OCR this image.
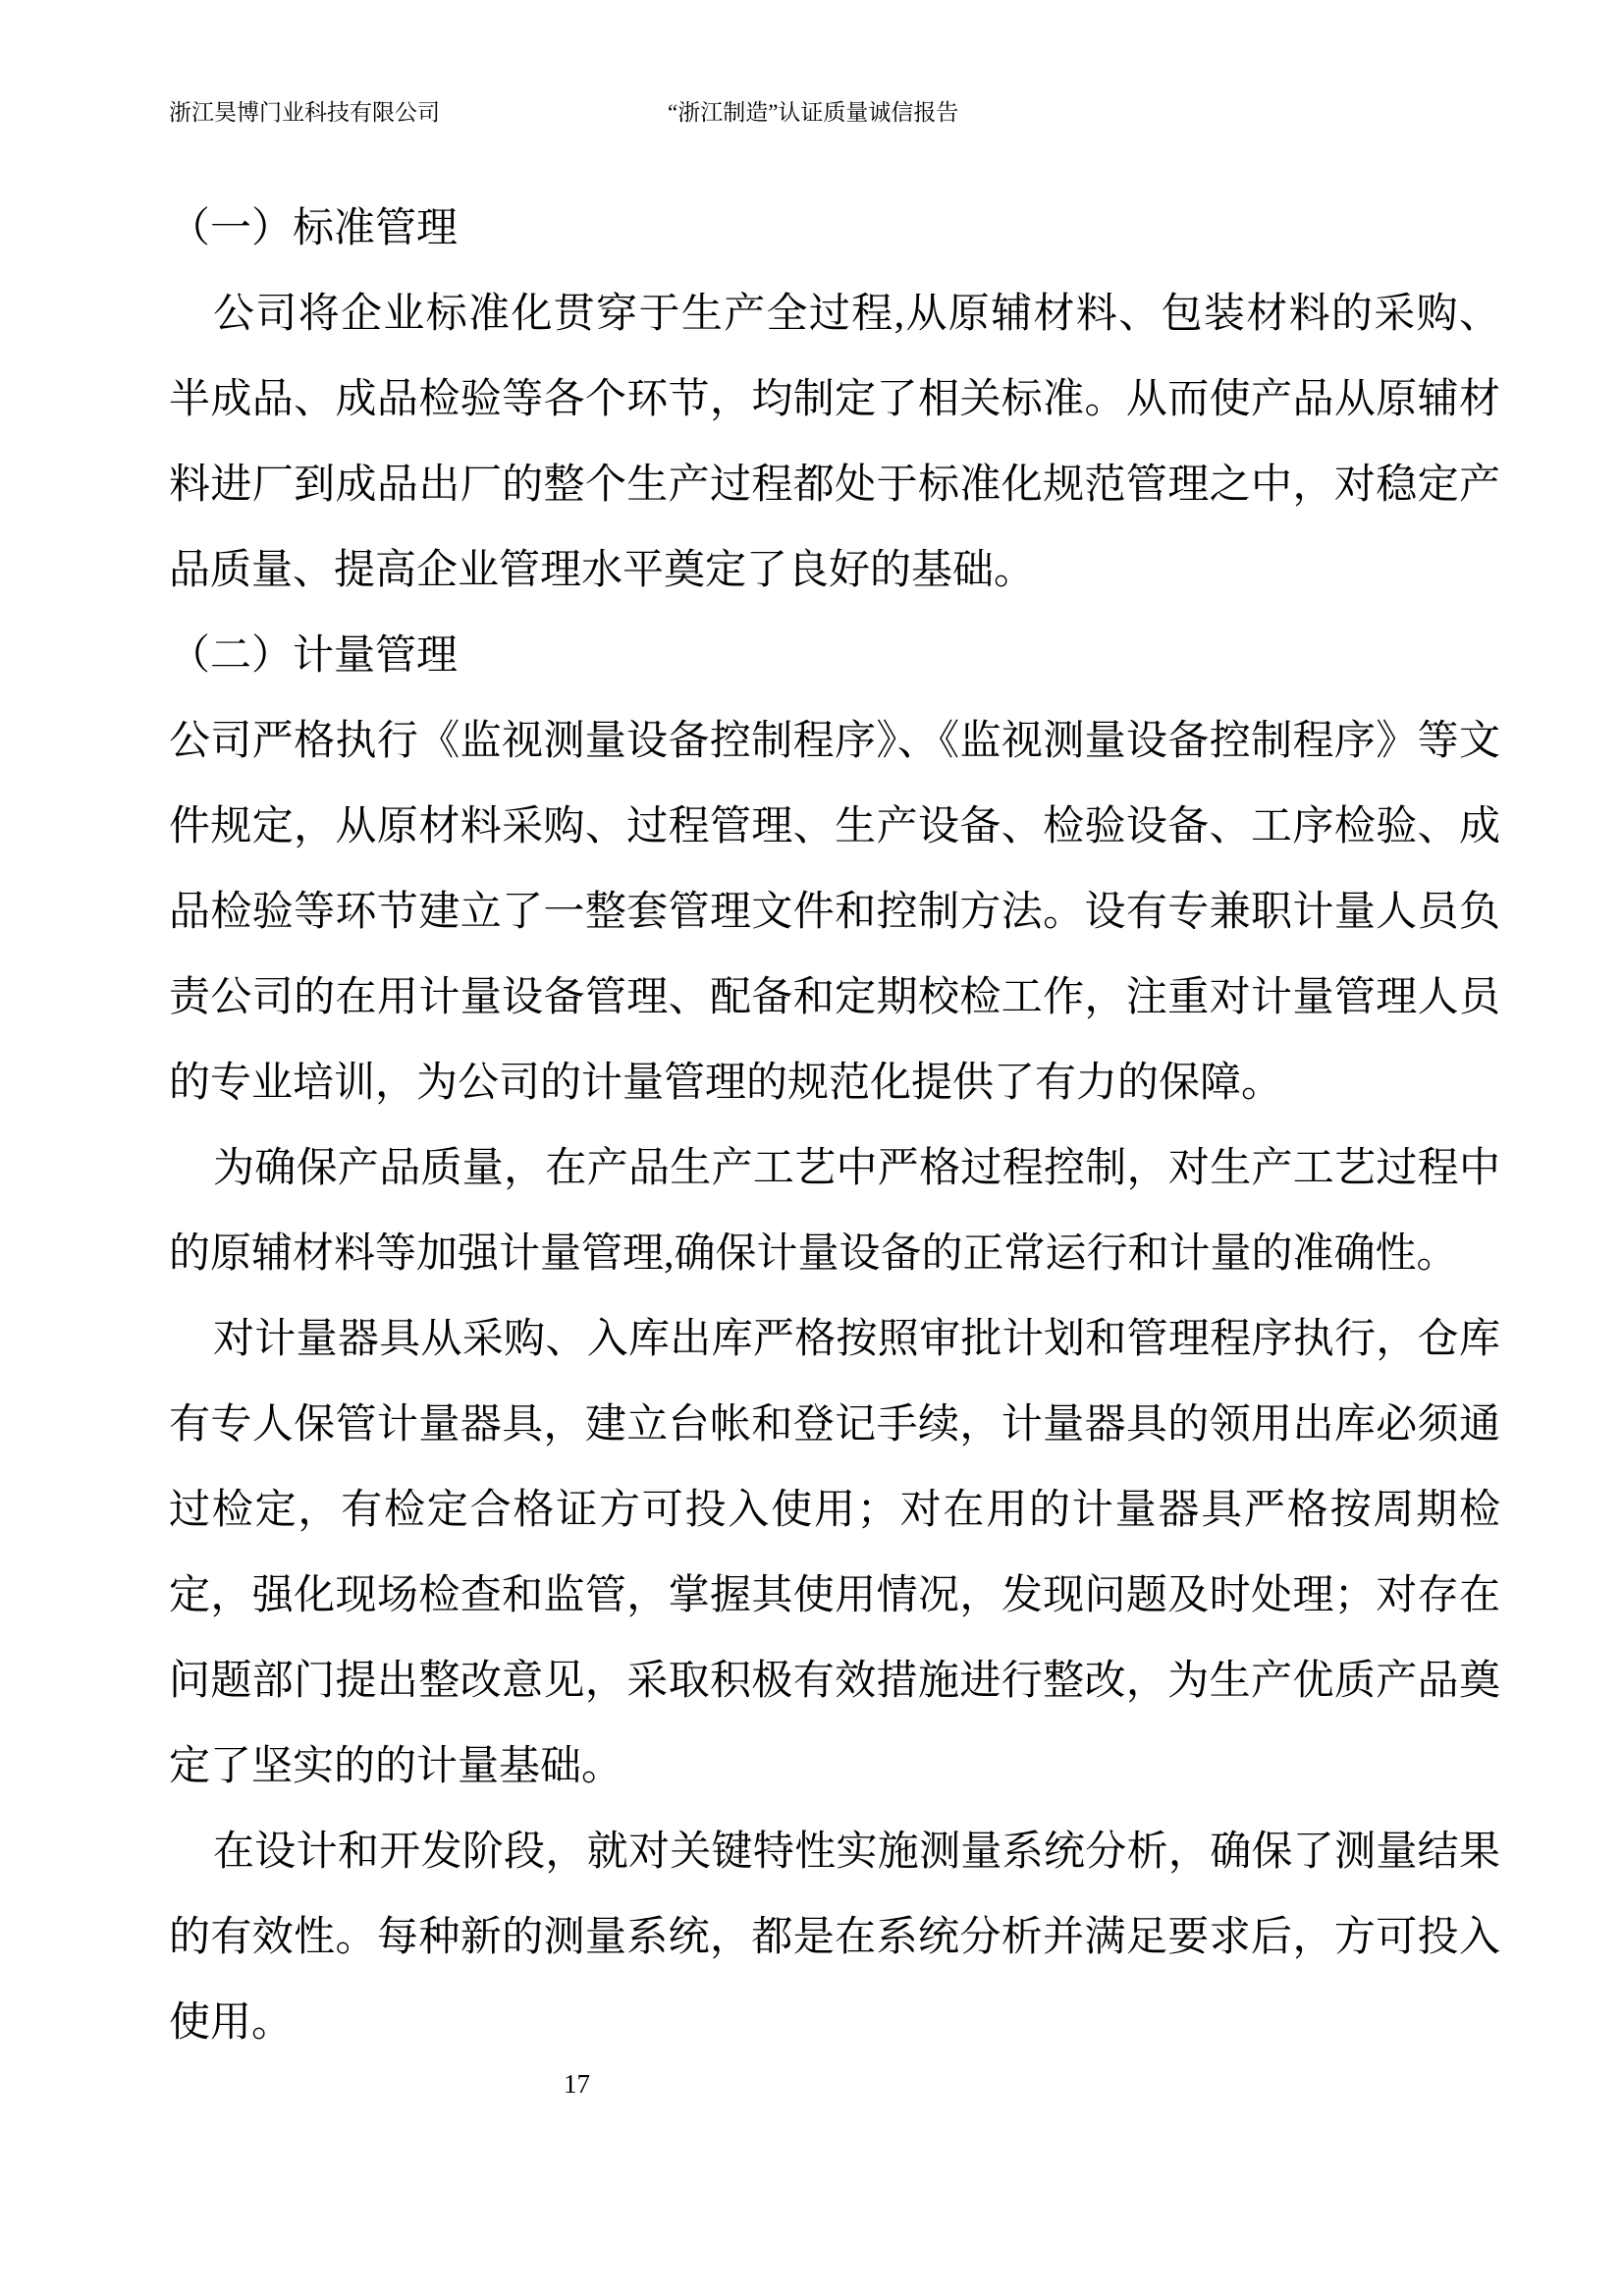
浙江昊博门业科技有限公司	“浙江制造”认证质量诚信报告
（一）标准管理

公司将企业标准化贯穿于生产全过程,从原辅材料、包装材料的采购、半成品、成品检验等各个环节，均制定了相关标准。从而使产品从原辅材料进厂到成品出厂的整个生产过程都处于标准化规范管理之中，对稳定产品质量、提高企业管理水平奠定了良好的基础。

（二）计量管理

公司严格执行《监视测量设备控制程序》、《监视测量设备控制程序》等文件规定，从原材料采购、过程管理、生产设备、检验设备、工序检验、成品检验等环节建立了一整套管理文件和控制方法。设有专兼职计量人员负责公司的在用计量设备管理、配备和定期校检工作，注重对计量管理人员的专业培训，为公司的计量管理的规范化提供了有力的保障。

为确保产品质量，在产品生产工艺中严格过程控制，对生产工艺过程中的原辅材料等加强计量管理,确保计量设备的正常运行和计量的准确性。

对计量器具从采购、入库出库严格按照审批计划和管理程序执行，仓库有专人保管计量器具，建立台帐和登记手续，计量器具的领用出库必须通过检定，有检定合格证方可投入使用；对在用的计量器具严格按周期检定，强化现场检查和监管，掌握其使用情况，发现问题及时处理；对存在问题部门提出整改意见，采取积极有效措施进行整改，为生产优质产品奠定了坚实的的计量基础。

在设计和开发阶段，就对关键特性实施测量系统分析，确保了测量结果的有效性。每种新的测量系统，都是在系统分析并满足要求后，方可投入使用。

17
